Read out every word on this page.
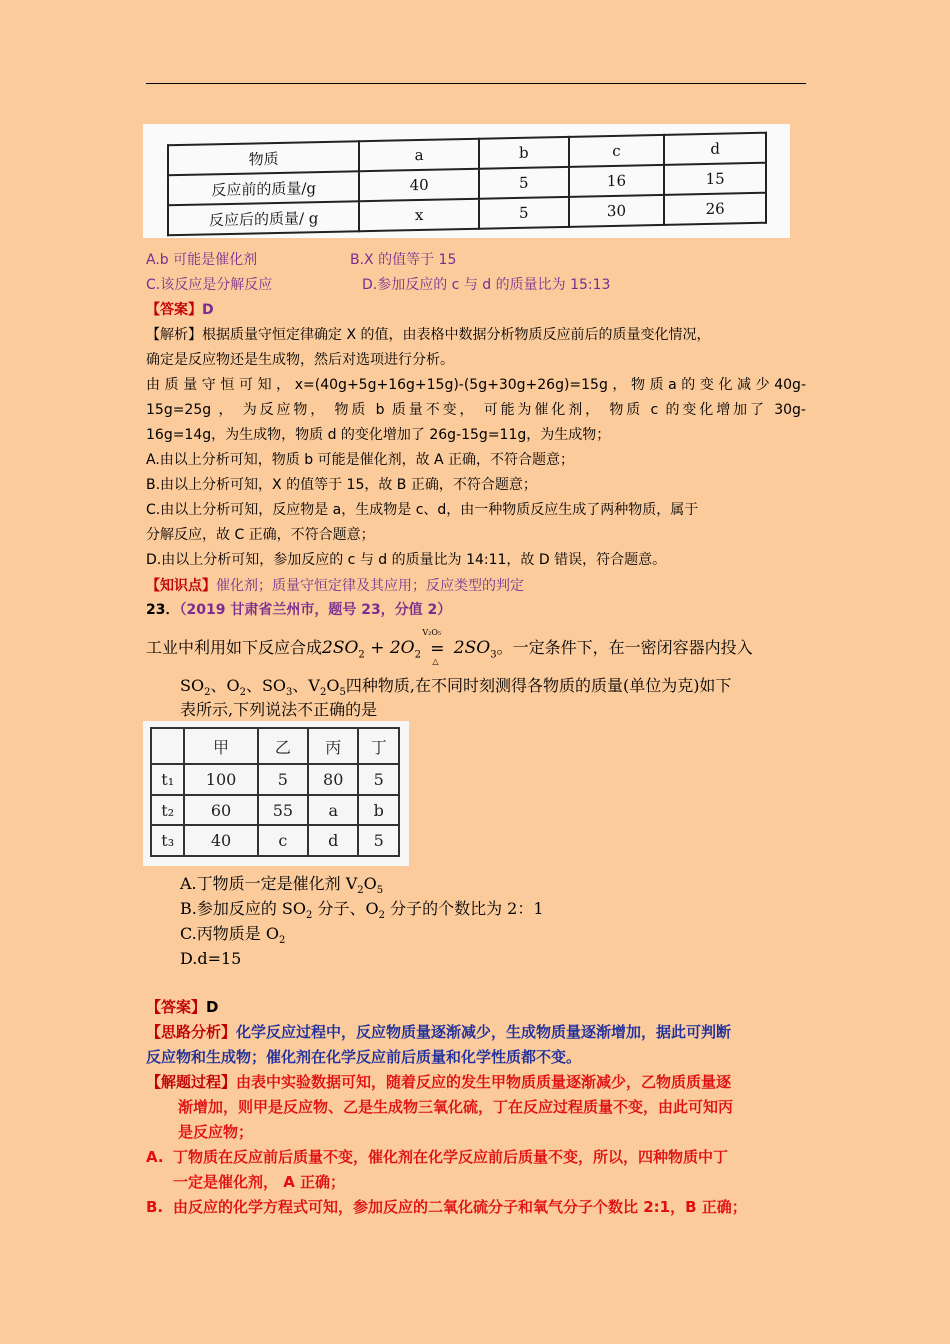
物质	a	b	c	d
反应前的质量/g	40	5	16	15
反应后的质量/ g	x	5	30	26
A.b 可能是催化剂	B.X 的值等于 15
C.该反应是分解反应	D.参加反应的 c 与 d 的质量比为 15:13
【答案】D
【解析】根据质量守恒定律确定 X 的值，由表格中数据分析物质反应前后的质量变化情况，
确定是反应物还是生成物，然后对选项进行分析。
由 质 量 守 恒 可 知 ， x=(40g+5g+16g+15g)-(5g+30g+26g)=15g ， 物 质 a 的 变 化 减 少 40g-
15g=25g ， 为反应物， 物质 b 质量不变， 可能为催化剂， 物质 c 的变化增加了 30g-
16g=14g，为生成物，物质 d 的变化增加了 26g-15g=11g，为生成物；
A.由以上分析可知，物质 b 可能是催化剂，故 A 正确，不符合题意；
B.由以上分析可知，X 的值等于 15，故 B 正确，不符合题意；
C.由以上分析可知，反应物是 a，生成物是 c、d，由一种物质反应生成了两种物质，属于
分解反应，故 C 正确，不符合题意；
D.由以上分析可知，参加反应的 c 与 d 的质量比为 14:11，故 D 错误，符合题意。
【知识点】催化剂；质量守恒定律及其应用；反应类型的判定
23．（2019 甘肃省兰州市，题号 23，分值 2）
工业中利用如下反应合成$2SO_2 + 2O_2$
V₂O₅
=
△
$2SO_3$。一定条件下，在一密闭容器内投入
$SO_2$、$O_2$、$SO_3$、$V_2O_5$四种物质,在不同时刻测得各物质的质量(单位为克)如下
表所示,下列说法不正确的是
	甲	乙	丙	丁
t₁	100	5	80	5
t₂	60	55	a	b
t₃	40	c	d	5
A.丁物质一定是催化剂 $V_2O_5$
B.参加反应的 $SO_2$ 分子、$O_2$ 分子的个数比为 2：1
C.丙物质是 $O_2$
D.d=15
【答案】D
【思路分析】化学反应过程中，反应物质量逐渐减少，生成物质量逐渐增加，据此可判断
反应物和生成物；催化剂在化学反应前后质量和化学性质都不变。
【解题过程】由表中实验数据可知，随着反应的发生甲物质质量逐渐减少，乙物质质量逐
渐增加，则甲是反应物、乙是生成物三氧化硫，丁在反应过程质量不变，由此可知丙
是反应物；
A. 丁物质在反应前后质量不变，催化剂在化学反应前后质量不变，所以，四种物质中丁
一定是催化剂， A 正确；
B. 由反应的化学方程式可知，参加反应的二氧化硫分子和氧气分子个数比 2:1，B 正确；
